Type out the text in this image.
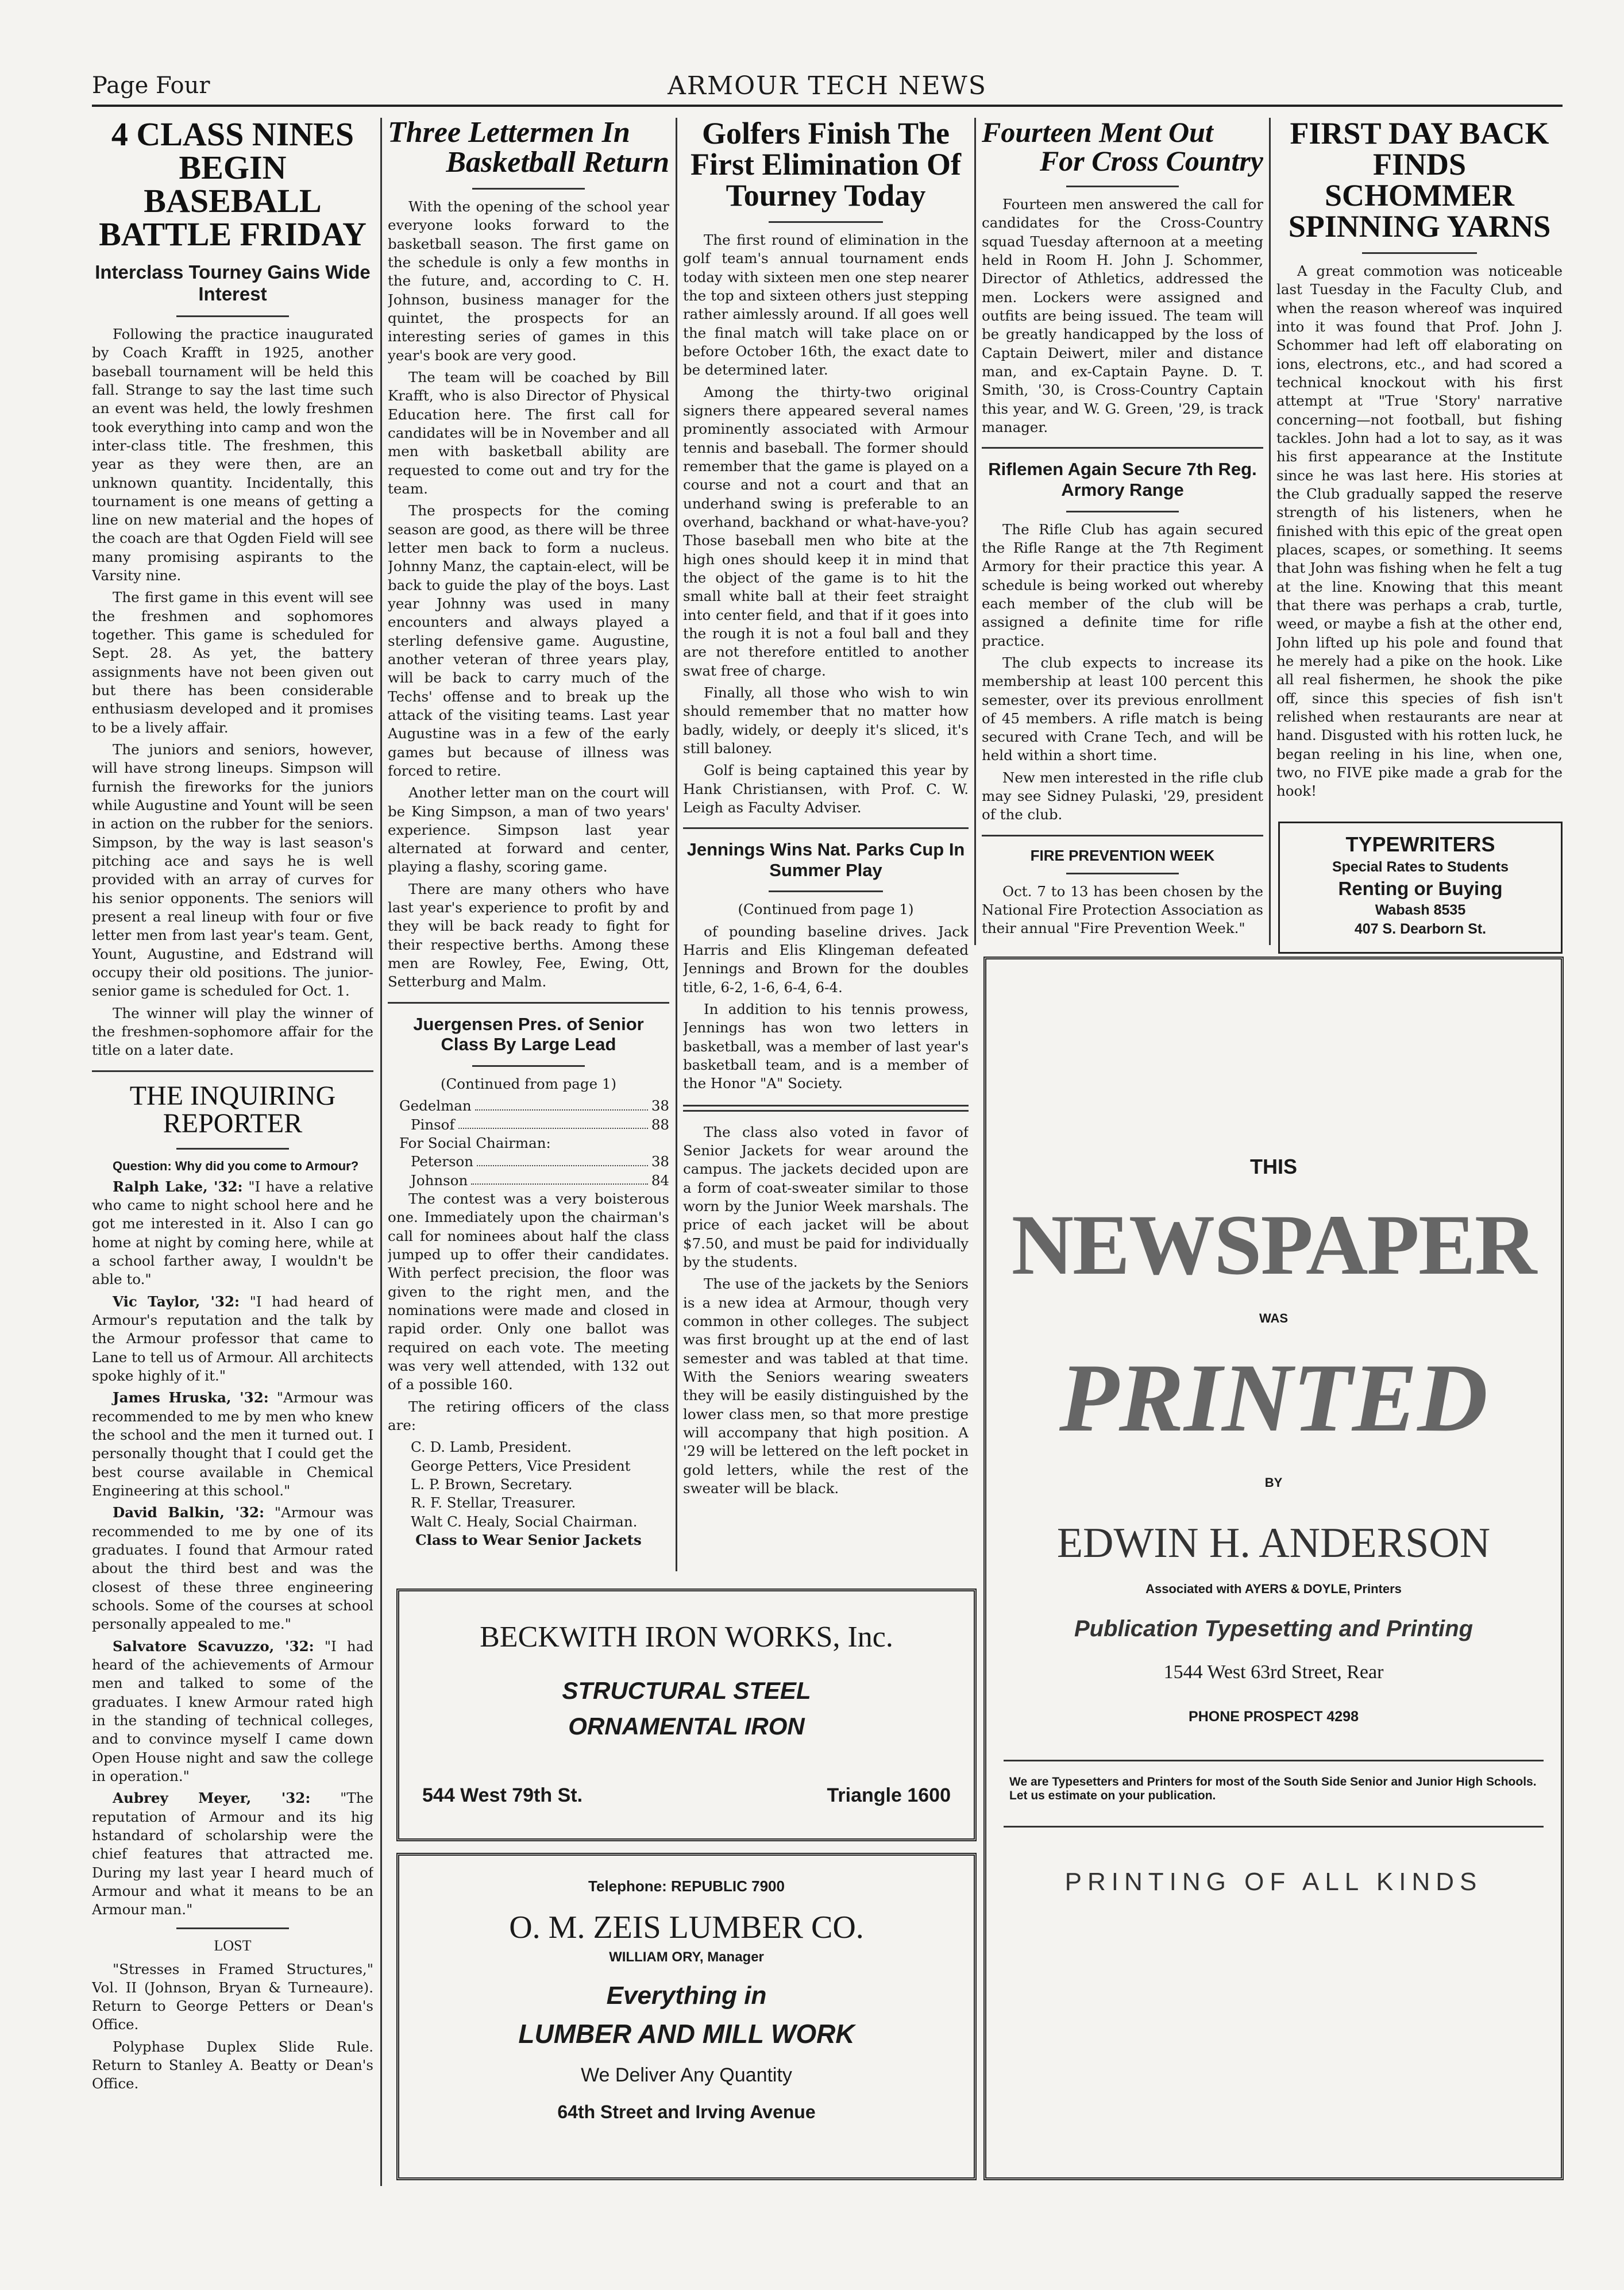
Page Four	ARMOUR TECH NEWS
4 CLASS NINES BEGIN BASEBALL BATTLE FRIDAY
Interclass Tourney Gains Wide Interest

Following the practice inaugurated by Coach Krafft in 1925, another baseball tournament will be held this fall. Strange to say the last time such an event was held, the lowly freshmen took everything into camp and won the inter-class title. The freshmen, this year as they were then, are an unknown quantity. Incidentally, this tournament is one means of getting a line on new material and the hopes of the coach are that Ogden Field will see many promising aspirants to the Varsity nine.

The first game in this event will see the freshmen and sophomores together. This game is scheduled for Sept. 28. As yet, the battery assignments have not been given out but there has been considerable enthusiasm developed and it promises to be a lively affair.

The juniors and seniors, however, will have strong lineups. Simpson will furnish the fireworks for the juniors while Augustine and Yount will be seen in action on the rubber for the seniors. Simpson, by the way is last season's pitching ace and says he is well provided with an array of curves for his senior opponents. The seniors will present a real lineup with four or five letter men from last year's team. Gent, Yount, Augustine, and Edstrand will occupy their old positions. The junior-senior game is scheduled for Oct. 1.

The winner will play the winner of the freshmen-sophomore affair for the title on a later date.

THE INQUIRING REPORTER

Question: Why did you come to Armour?

Ralph Lake, '32: "I have a relative who came to night school here and he got me interested in it. Also I can go home at night by coming here, while at a school farther away, I wouldn't be able to."

Vic Taylor, '32: "I had heard of Armour's reputation and the talk by the Armour professor that came to Lane to tell us of Armour. All architects spoke highly of it."

James Hruska, '32: "Armour was recommended to me by men who knew the school and the men it turned out. I personally thought that I could get the best course available in Chemical Engineering at this school."

David Balkin, '32: "Armour was recommended to me by one of its graduates. I found that Armour rated about the third best and was the closest of these three engineering schools. Some of the courses at school personally appealed to me."

Salvatore Scavuzzo, '32: "I had heard of the achievements of Armour men and talked to some of the graduates. I knew Armour rated high in the standing of technical colleges, and to convince myself I came down Open House night and saw the college in operation."

Aubrey Meyer, '32: "The reputation of Armour and its hig hstandard of scholarship were the chief features that attracted me. During my last year I heard much of Armour and what it means to be an Armour man."

LOST

"Stresses in Framed Structures," Vol. II (Johnson, Bryan & Turneaure). Return to George Petters or Dean's Office.

Polyphase Duplex Slide Rule. Return to Stanley A. Beatty or Dean's Office.

Three Lettermen In
Basketball Return

With the opening of the school year everyone looks forward to the basketball season. The first game on the schedule is only a few months in the future, and, according to C. H. Johnson, business manager for the quintet, the prospects for an interesting series of games in this year's book are very good.

The team will be coached by Bill Krafft, who is also Director of Physical Education here. The first call for candidates will be in November and all men with basketball ability are requested to come out and try for the team.

The prospects for the coming season are good, as there will be three letter men back to form a nucleus. Johnny Manz, the captain-elect, will be back to guide the play of the boys. Last year Johnny was used in many encounters and always played a sterling defensive game. Augustine, another veteran of three years play, will be back to carry much of the Techs' offense and to break up the attack of the visiting teams. Last year Augustine was in a few of the early games but because of illness was forced to retire.

Another letter man on the court will be King Simpson, a man of two years' experience. Simpson last year alternated at forward and center, playing a flashy, scoring game.

There are many others who have last year's experience to profit by and they will be back ready to fight for their respective berths. Among these men are Rowley, Fee, Ewing, Ott, Setterburg and Malm.

Juergensen Pres. of Senior Class By Large Lead

(Continued from page 1)

Gedelman	38
Pinsof	88
For Social Chairman:
Peterson	38
Johnson	84

The contest was a very boisterous one. Immediately upon the chairman's call for nominees about half the class jumped up to offer their candidates. With perfect precision, the floor was given to the right men, and the nominations were made and closed in rapid order. Only one ballot was required on each vote. The meeting was very well attended, with 132 out of a possible 160.

The retiring officers of the class are:

C. D. Lamb, President.

George Petters, Vice President

L. P. Brown, Secretary.

R. F. Stellar, Treasurer.

Walt C. Healy, Social Chairman.

Class to Wear Senior Jackets

Golfers Finish The First Elimination Of Tourney Today

The first round of elimination in the golf team's annual tournament ends today with sixteen men one step nearer the top and sixteen others just stepping rather aimlessly around. If all goes well the final match will take place on or before October 16th, the exact date to be determined later.

Among the thirty-two original signers there appeared several names prominently associated with Armour tennis and baseball. The former should remember that the game is played on a course and not a court and that an underhand swing is preferable to an overhand, backhand or what-have-you? Those baseball men who bite at the high ones should keep it in mind that the object of the game is to hit the small white ball at their feet straight into center field, and that if it goes into the rough it is not a foul ball and they are not therefore entitled to another swat free of charge.

Finally, all those who wish to win should remember that no matter how badly, widely, or deeply it's sliced, it's still baloney.

Golf is being captained this year by Hank Christiansen, with Prof. C. W. Leigh as Faculty Adviser.

Jennings Wins Nat. Parks Cup In Summer Play

(Continued from page 1)

of pounding baseline drives. Jack Harris and Elis Klingeman defeated Jennings and Brown for the doubles title, 6-2, 1-6, 6-4, 6-4.

In addition to his tennis prowess, Jennings has won two letters in basketball, was a member of last year's basketball team, and is a member of the Honor "A" Society.

The class also voted in favor of Senior Jackets for wear around the campus. The jackets decided upon are a form of coat-sweater similar to those worn by the Junior Week marshals. The price of each jacket will be about $7.50, and must be paid for individually by the students.

The use of the jackets by the Seniors is a new idea at Armour, though very common in other colleges. The subject was first brought up at the end of last semester and was tabled at that time. With the Seniors wearing sweaters they will be easily distinguished by the lower class men, so that more prestige will accompany that high position. A '29 will be lettered on the left pocket in gold letters, while the rest of the sweater will be black.

Fourteen Ment Out
For Cross Country

Fourteen men answered the call for candidates for the Cross-Country squad Tuesday afternoon at a meeting held in Room H. John J. Schommer, Director of Athletics, addressed the men. Lockers were assigned and outfits are being issued. The team will be greatly handicapped by the loss of Captain Deiwert, miler and distance man, and ex-Captain Payne. D. T. Smith, '30, is Cross-Country Captain this year, and W. G. Green, '29, is track manager.

Riflemen Again Secure 7th Reg. Armory Range

The Rifle Club has again secured the Rifle Range at the 7th Regiment Armory for their practice this year. A schedule is being worked out whereby each member of the club will be assigned a definite time for rifle practice.

The club expects to increase its membership at least 100 percent this semester, over its previous enrollment of 45 members. A rifle match is being secured with Crane Tech, and will be held within a short time.

New men interested in the rifle club may see Sidney Pulaski, '29, president of the club.

FIRE PREVENTION WEEK

Oct. 7 to 13 has been chosen by the National Fire Protection Association as their annual "Fire Prevention Week."

FIRST DAY BACK FINDS SCHOMMER SPINNING YARNS

A great commotion was noticeable last Tuesday in the Faculty Club, and when the reason whereof was inquired into it was found that Prof. John J. Schommer had left off elaborating on ions, electrons, etc., and had scored a technical knockout with his first attempt at "True 'Story' narrative concerning—not football, but fishing tackles. John had a lot to say, as it was his first appearance at the Institute since he was last here. His stories at the Club gradually sapped the reserve strength of his listeners, when he finished with this epic of the great open places, scapes, or something. It seems that John was fishing when he felt a tug at the line. Knowing that this meant that there was perhaps a crab, turtle, weed, or maybe a fish at the other end, John lifted up his pole and found that he merely had a pike on the hook. Like all real fishermen, he shook the pike off, since this species of fish isn't relished when restaurants are near at hand. Disgusted with his rotten luck, he began reeling in his line, when one, two, no FIVE pike made a grab for the hook!

TYPEWRITERS
Special Rates to Students
Renting or Buying
Wabash 8535
407 S. Dearborn St.
BECKWITH IRON WORKS, Inc.
STRUCTURAL STEEL
ORNAMENTAL IRON
544 West 79th St.	Triangle 1600
Telephone: REPUBLIC 7900
O. M. ZEIS LUMBER CO.
WILLIAM ORY, Manager
Everything in
LUMBER AND MILL WORK
We Deliver Any Quantity
64th Street and Irving Avenue
THIS
NEWSPAPER
WAS
PRINTED
BY
EDWIN H. ANDERSON
Associated with AYERS & DOYLE, Printers
Publication Typesetting and Printing
1544 West 63rd Street, Rear
PHONE PROSPECT 4298
We are Typesetters and Printers for most of the South Side Senior and Junior High Schools. Let us estimate on your publication.
PRINTING OF ALL KINDS
